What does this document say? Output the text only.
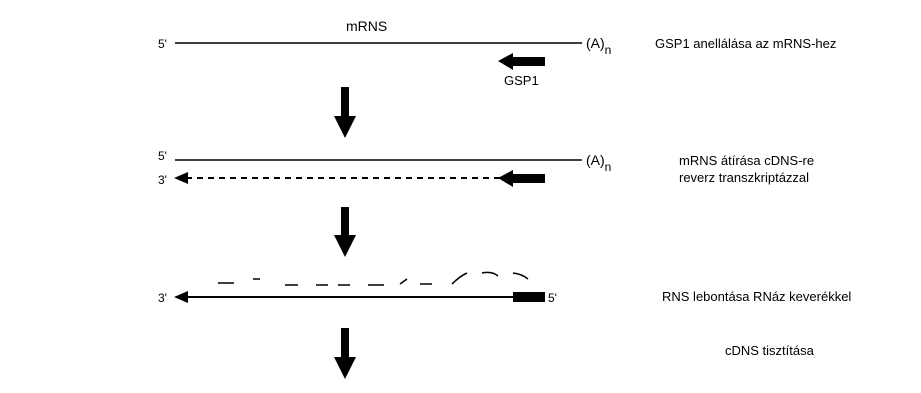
mRNS
5'	(A)n
GSP1
GSP1 anellálása az mRNS-hez
5'	(A)n
3'
mRNS átírása cDNS-re
reverz transzkriptázzal
3'	5'	RNS lebontása RNáz keverékkel
cDNS tisztítása
